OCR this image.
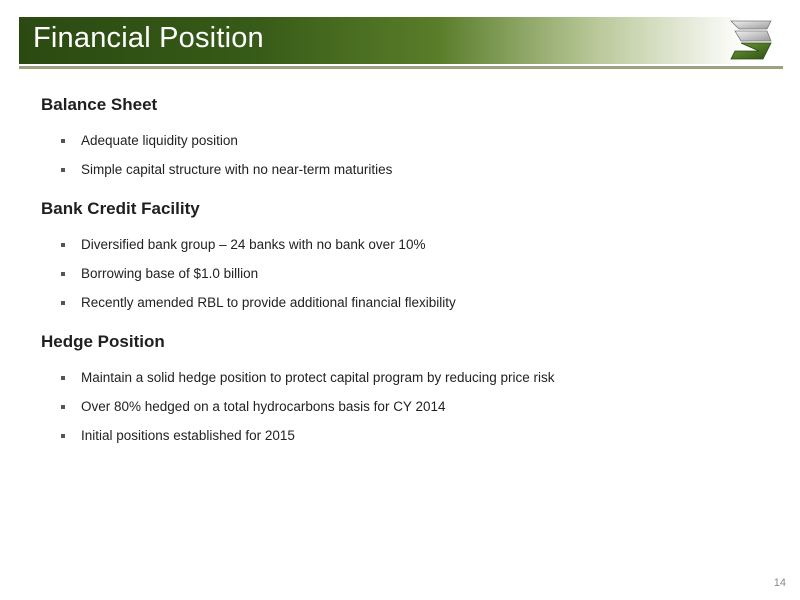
Financial Position
Balance Sheet
Adequate liquidity position
Simple capital structure with no near-term maturities
Bank Credit Facility
Diversified bank group – 24 banks with no bank over 10%
Borrowing base of $1.0 billion
Recently amended RBL to provide additional financial flexibility
Hedge Position
Maintain a solid hedge position to protect capital program by reducing price risk
Over 80% hedged on a total hydrocarbons basis for CY 2014
Initial positions established for 2015
14
